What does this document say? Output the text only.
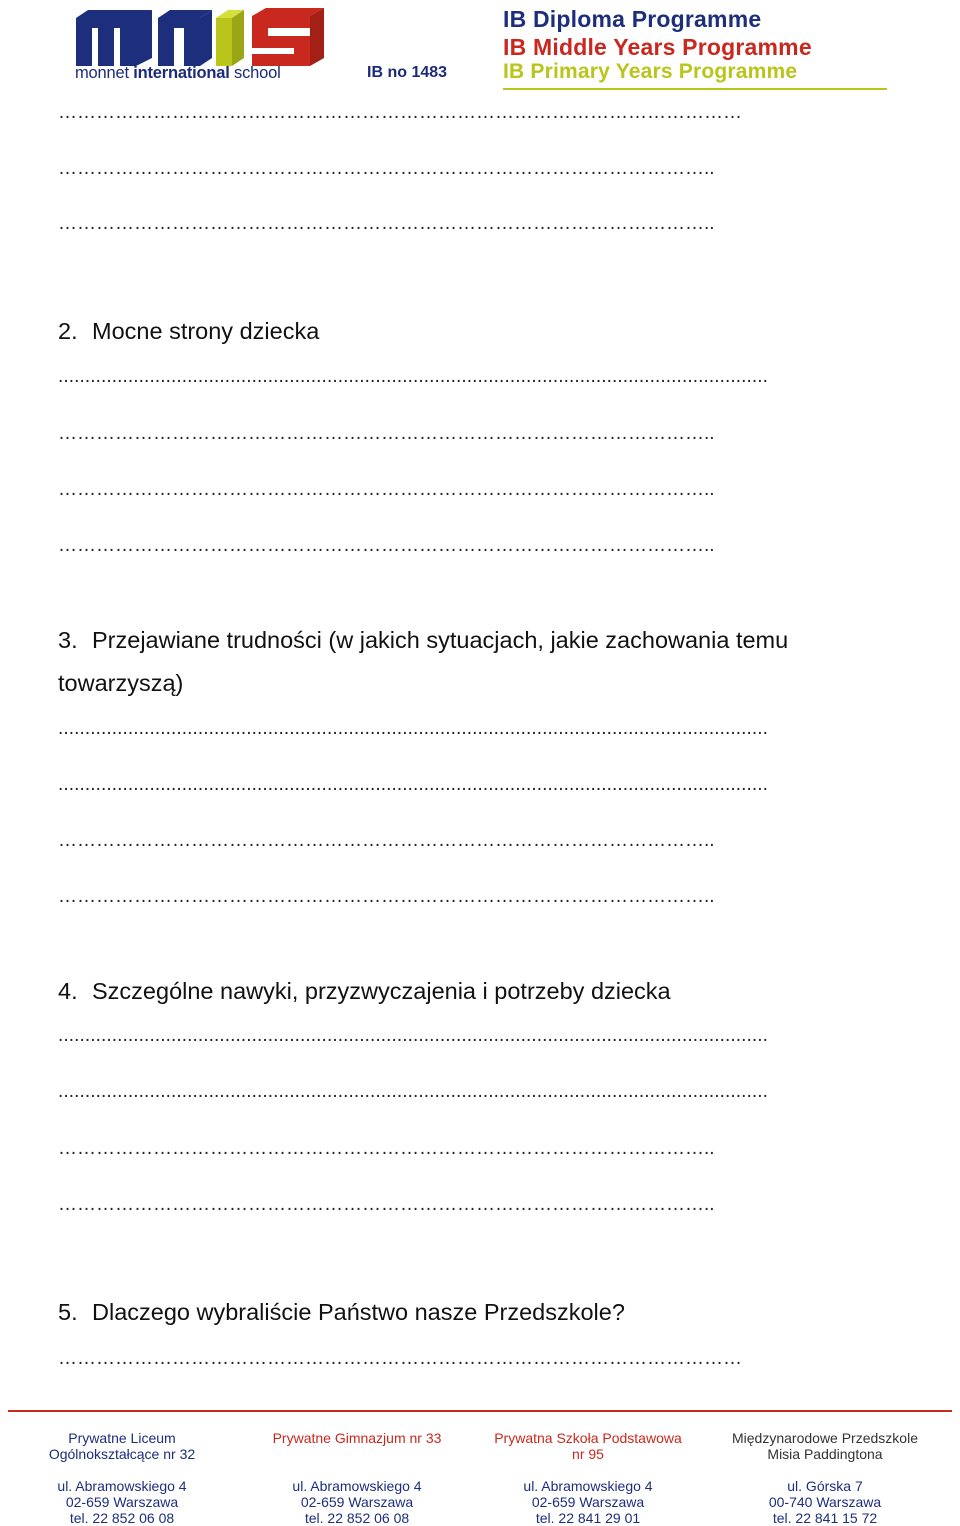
monnet international school	IB no 1483
IB Diploma Programme
IB Middle Years Programme
IB Primary Years Programme
………………………………………………………………………………………………
…………………………………………………………………………………………..
…………………………………………………………………………………………..
2. Mocne strony dziecka
....................................................................................................................................
…………………………………………………………………………………………..
…………………………………………………………………………………………..
…………………………………………………………………………………………..
3. Przejawiane trudności (w jakich sytuacjach, jakie zachowania temu
towarzyszą)
....................................................................................................................................
....................................................................................................................................
…………………………………………………………………………………………..
…………………………………………………………………………………………..
4. Szczególne nawyki, przyzwyczajenia i potrzeby dziecka
....................................................................................................................................
....................................................................................................................................
…………………………………………………………………………………………..
…………………………………………………………………………………………..
5. Dlaczego wybraliście Państwo nasze Przedszkole?
………………………………………………………………………………………………
Prywatne Liceum
Ogólnokształcące nr 32
ul. Abramowskiego 4
02-659 Warszawa
tel. 22 852 06 08
Prywatne Gimnazjum nr 33

ul. Abramowskiego 4
02-659 Warszawa
tel. 22 852 06 08
Prywatna Szkoła Podstawowa
nr 95
ul. Abramowskiego 4
02-659 Warszawa
tel. 22 841 29 01
Międzynarodowe Przedszkole
Misia Paddingtona
ul. Górska 7
00-740 Warszawa
tel. 22 841 15 72
